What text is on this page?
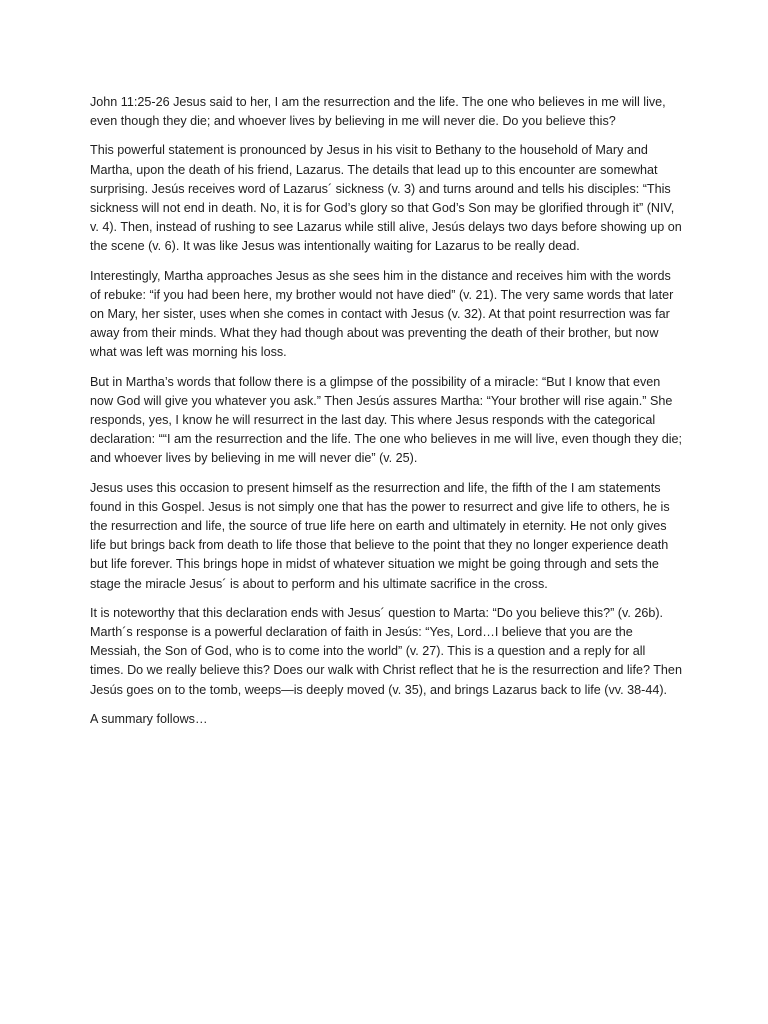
John 11:25-26 Jesus said to her, I am the resurrection and the life. The one who believes in me will live, even though they die; and whoever lives by believing in me will never die. Do you believe this?

This powerful statement is pronounced by Jesus in his visit to Bethany to the household of Mary and Martha, upon the death of his friend, Lazarus. The details that lead up to this encounter are somewhat surprising. Jesús receives word of Lazarus´ sickness (v. 3) and turns around and tells his disciples: “This sickness will not end in death. No, it is for God’s glory so that God’s Son may be glorified through it” (NIV, v. 4). Then, instead of rushing to see Lazarus while still alive, Jesús delays two days before showing up on the scene (v. 6). It was like Jesus was intentionally waiting for Lazarus to be really dead.

Interestingly, Martha approaches Jesus as she sees him in the distance and receives him with the words of rebuke: “if you had been here, my brother would not have died” (v. 21). The very same words that later on Mary, her sister, uses when she comes in contact with Jesus (v. 32). At that point resurrection was far away from their minds. What they had though about was preventing the death of their brother, but now what was left was morning his loss.

But in Martha’s words that follow there is a glimpse of the possibility of a miracle: “But I know that even now God will give you whatever you ask.” Then Jesús assures Martha: “Your brother will rise again.” She responds, yes, I know he will resurrect in the last day. This where Jesus responds with the categorical declaration: ““I am the resurrection and the life. The one who believes in me will live, even though they die; and whoever lives by believing in me will never die” (v. 25).

Jesus uses this occasion to present himself as the resurrection and life, the fifth of the I am statements found in this Gospel. Jesus is not simply one that has the power to resurrect and give life to others, he is the resurrection and life, the source of true life here on earth and ultimately in eternity. He not only gives life but brings back from death to life those that believe to the point that they no longer experience death but life forever. This brings hope in midst of whatever situation we might be going through and sets the stage the miracle Jesus´ is about to perform and his ultimate sacrifice in the cross.

It is noteworthy that this declaration ends with Jesus´ question to Marta: “Do you believe this?” (v. 26b). Marth´s response is a powerful declaration of faith in Jesús: “Yes, Lord…I believe that you are the Messiah, the Son of God, who is to come into the world” (v. 27). This is a question and a reply for all times. Do we really believe this? Does our walk with Christ reflect that he is the resurrection and life? Then Jesús goes on to the tomb, weeps—is deeply moved (v. 35), and brings Lazarus back to life (vv. 38-44).

A summary follows…
